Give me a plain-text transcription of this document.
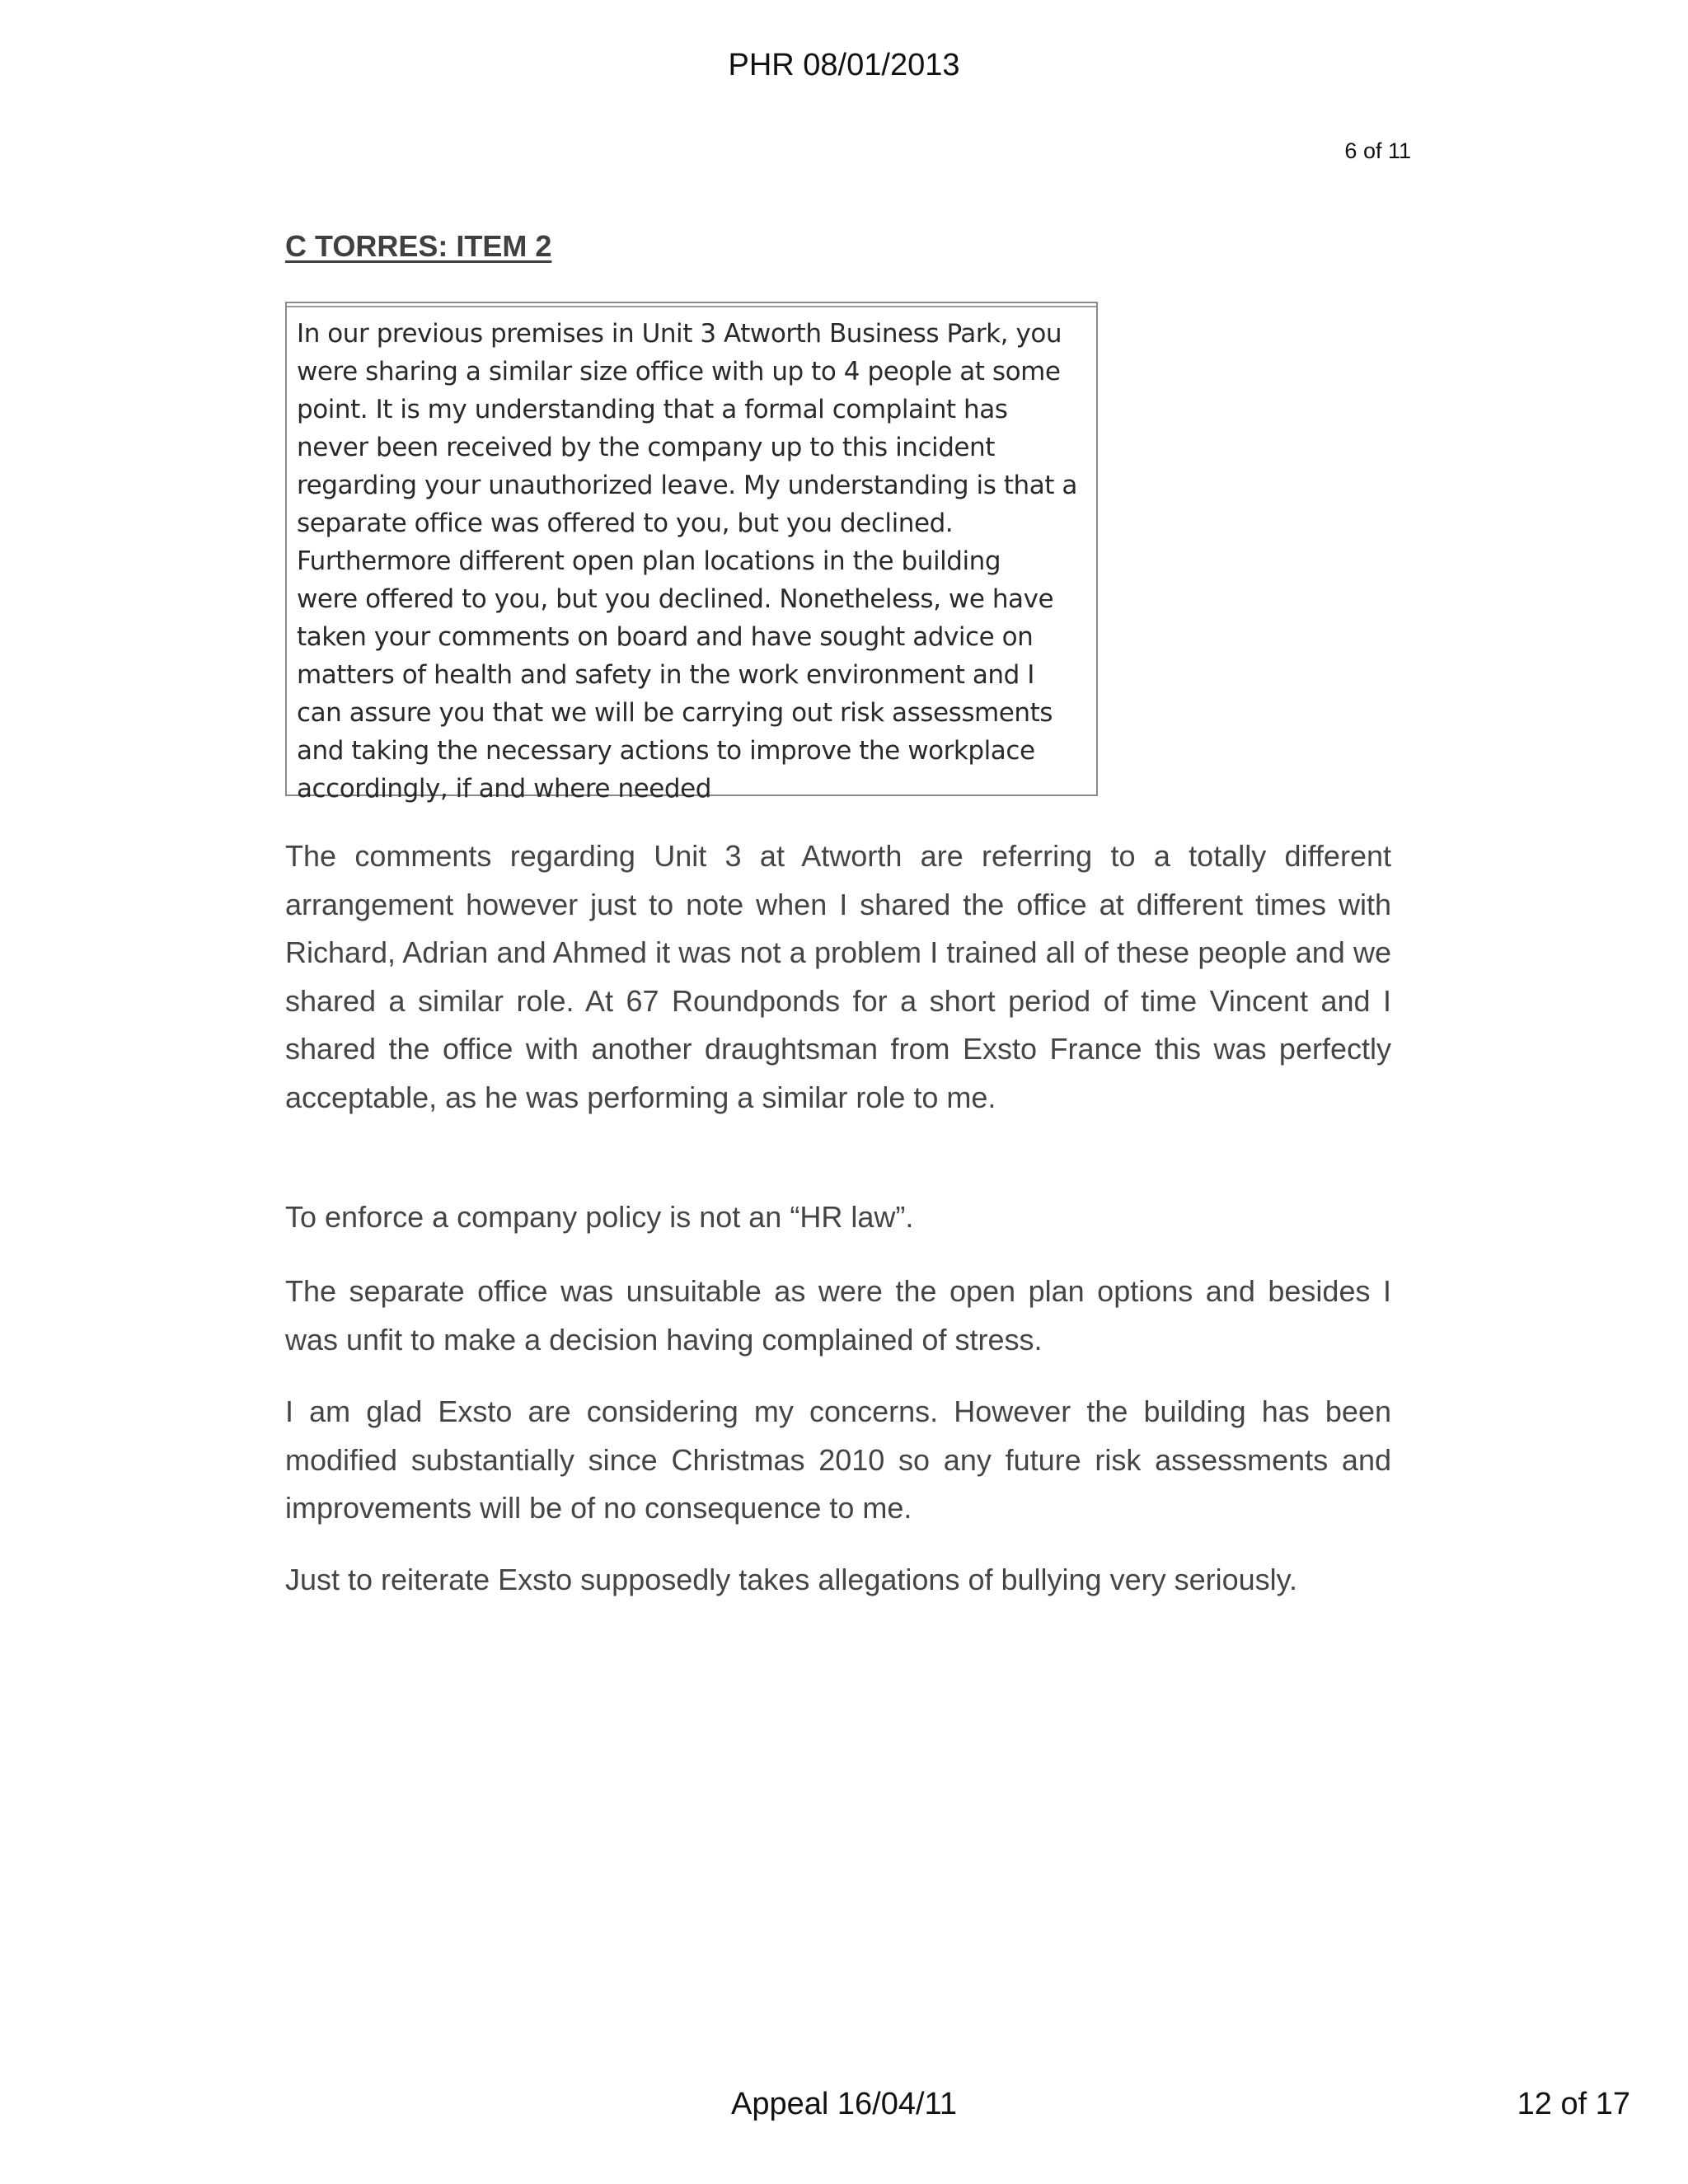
PHR 08/01/2013
6 of 11
C TORRES: ITEM 2
In our previous premises in Unit 3 Atworth Business Park, you
were sharing a similar size office with up to 4 people at some
point. It is my understanding that a formal complaint has
never been received by the company up to this incident
regarding your unauthorized leave. My understanding is that a
separate office was offered to you, but you declined.
Furthermore different open plan locations in the building
were offered to you, but you declined. Nonetheless, we have
taken your comments on board and have sought advice on
matters of health and safety in the work environment and I
can assure you that we will be carrying out risk assessments
and taking the necessary actions to improve the workplace
accordingly, if and where needed

The comments regarding Unit 3 at Atworth are referring to a totally different arrangement however just to note when I shared the office at different times with Richard, Adrian and Ahmed it was not a problem I trained all of these people and we shared a similar role. At 67 Roundponds for a short period of time Vincent and I shared the office with another draughtsman from Exsto France this was perfectly acceptable, as he was performing a similar role to me.

To enforce a company policy is not an “HR law”.

The separate office was unsuitable as were the open plan options and besides I was unfit to make a decision having complained of stress.

I am glad Exsto are considering my concerns. However the building has been modified substantially since Christmas 2010 so any future risk assessments and improvements will be of no consequence to me.

Just to reiterate Exsto supposedly takes allegations of bullying very seriously.

Appeal 16/04/11	12 of 17
